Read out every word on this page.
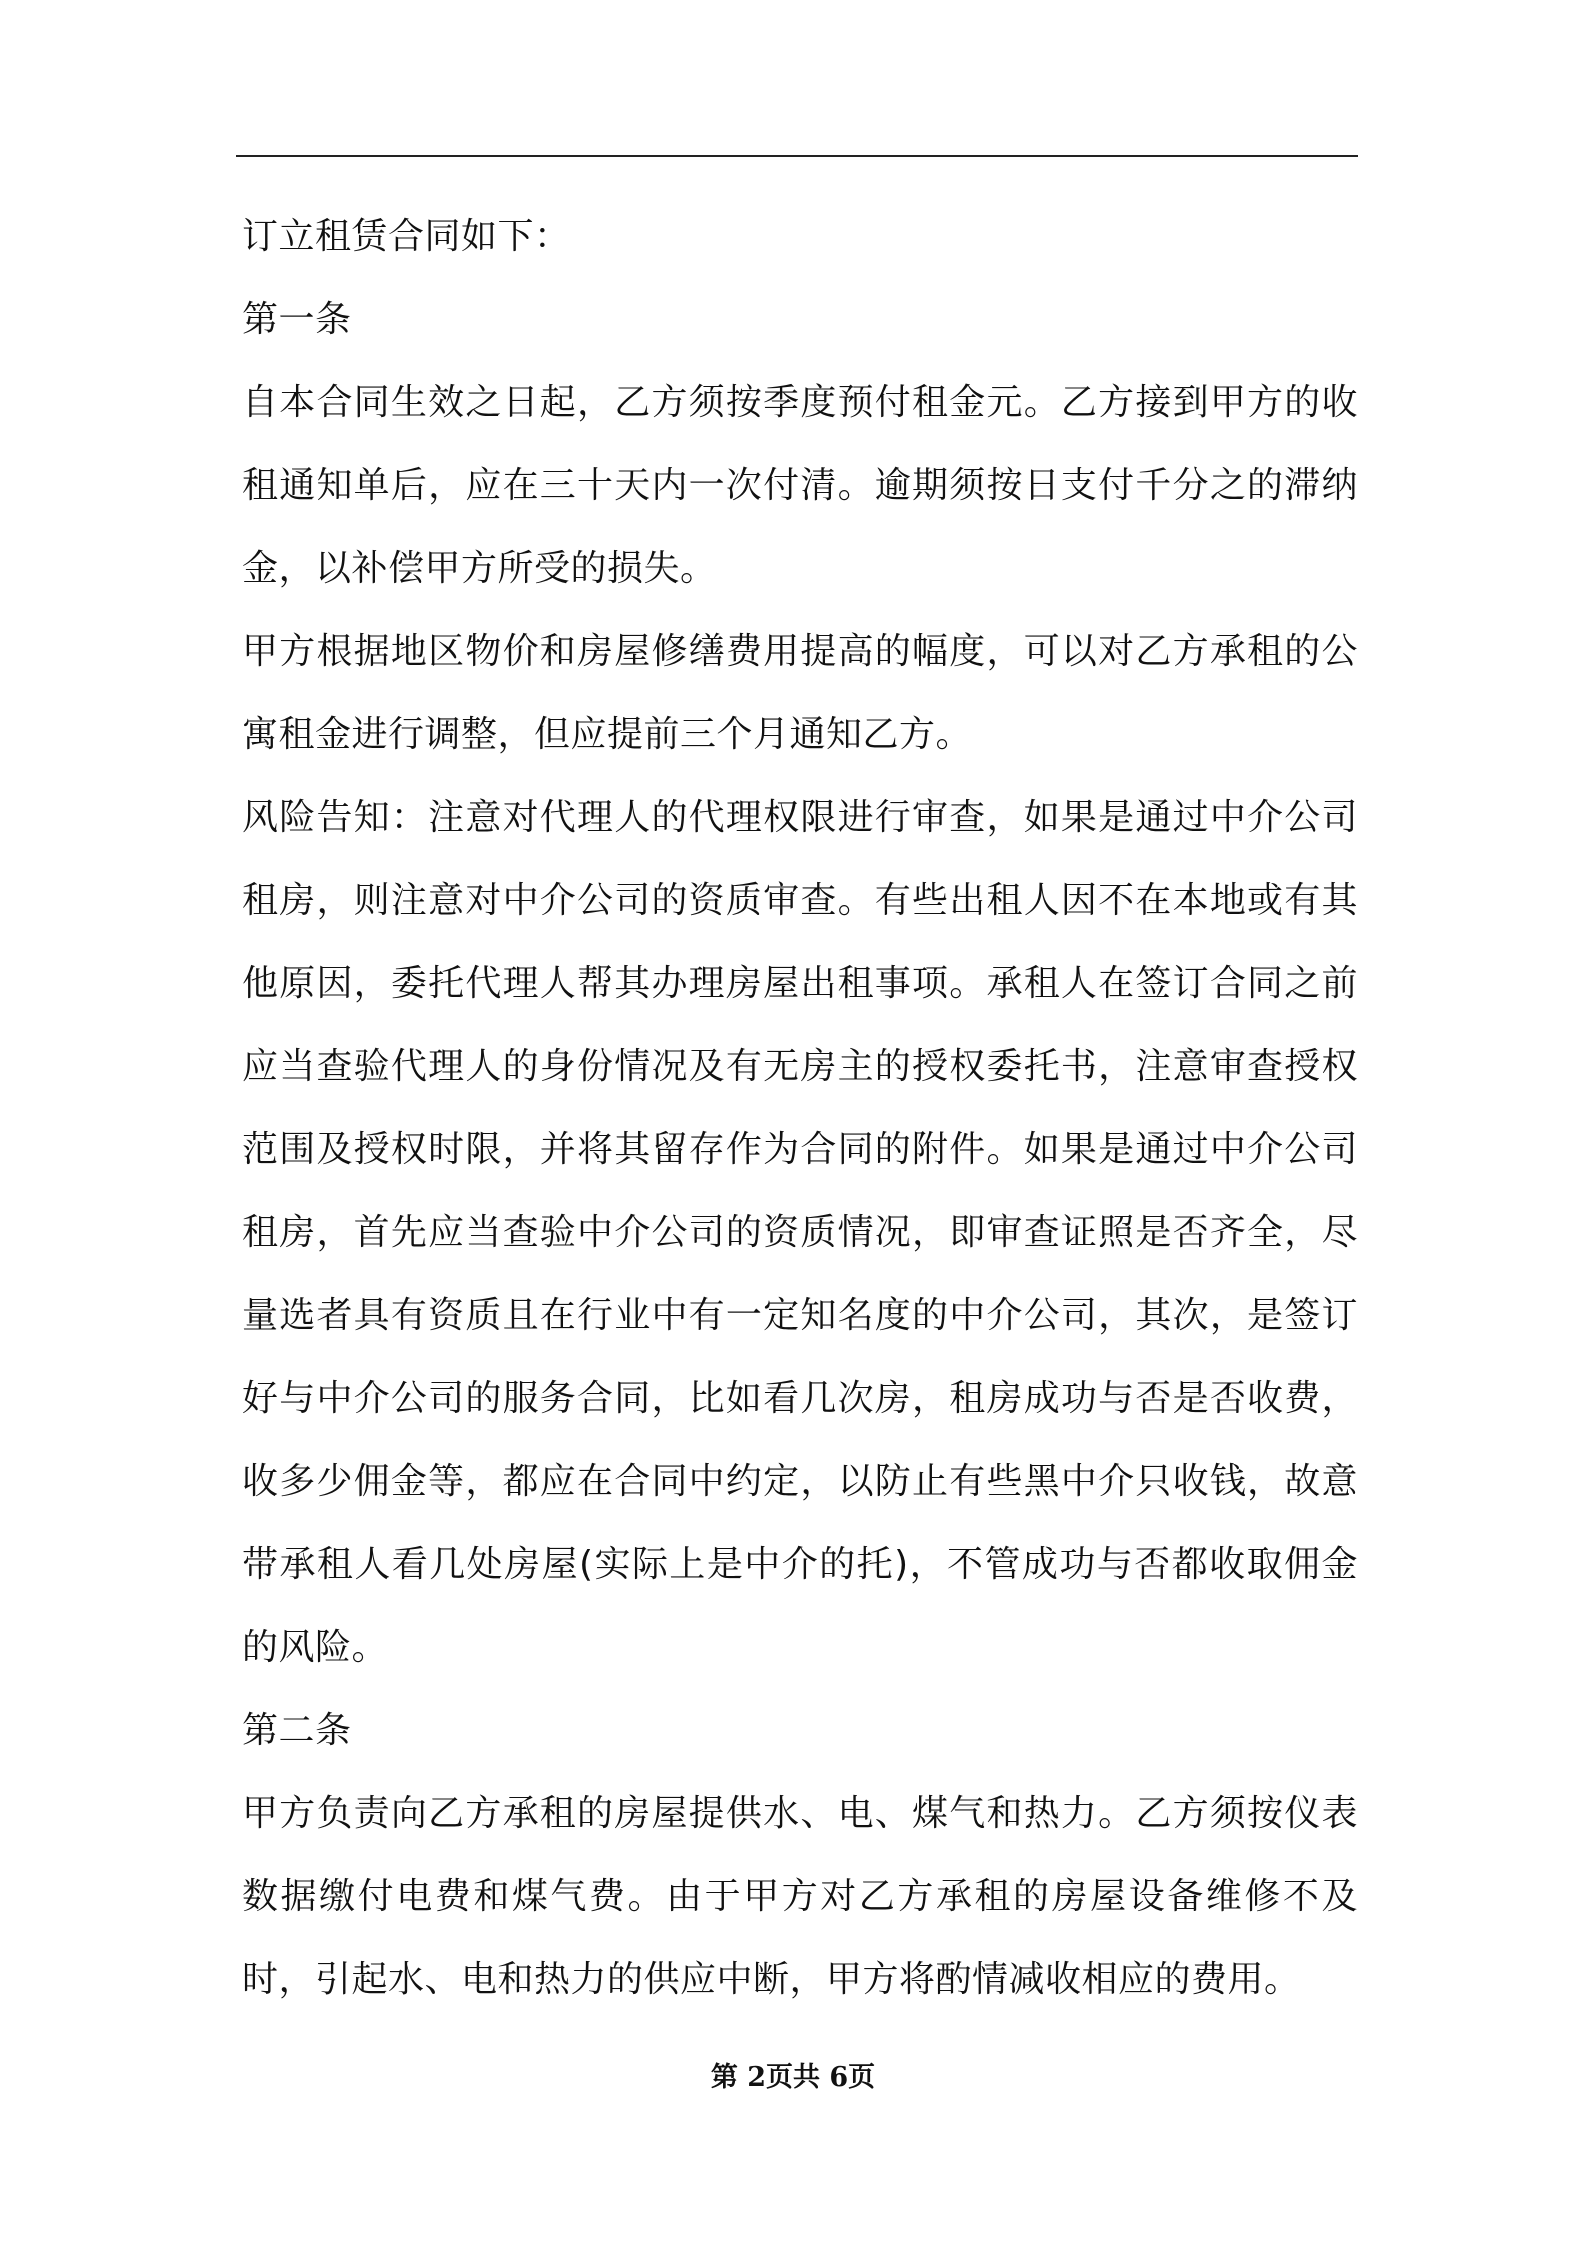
订立租赁合同如下：

第一条

自本合同生效之日起，乙方须按季度预付租金元。乙方接到甲方的收租通知单后，应在三十天内一次付清。逾期须按日支付千分之的滞纳金，以补偿甲方所受的损失。

甲方根据地区物价和房屋修缮费用提高的幅度，可以对乙方承租的公寓租金进行调整，但应提前三个月通知乙方。

风险告知：注意对代理人的代理权限进行审查，如果是通过中介公司租房，则注意对中介公司的资质审查。有些出租人因不在本地或有其他原因，委托代理人帮其办理房屋出租事项。承租人在签订合同之前应当查验代理人的身份情况及有无房主的授权委托书，注意审查授权范围及授权时限，并将其留存作为合同的附件。如果是通过中介公司租房，首先应当查验中介公司的资质情况，即审查证照是否齐全，尽量选者具有资质且在行业中有一定知名度的中介公司，其次，是签订好与中介公司的服务合同，比如看几次房，租房成功与否是否收费，收多少佣金等，都应在合同中约定，以防止有些黑中介只收钱，故意带承租人看几处房屋(实际上是中介的托)，不管成功与否都收取佣金的风险。

第二条

甲方负责向乙方承租的房屋提供水、电、煤气和热力。乙方须按仪表数据缴付电费和煤气费。由于甲方对乙方承租的房屋设备维修不及时，引起水、电和热力的供应中断，甲方将酌情减收相应的费用。

第 2页共 6页
